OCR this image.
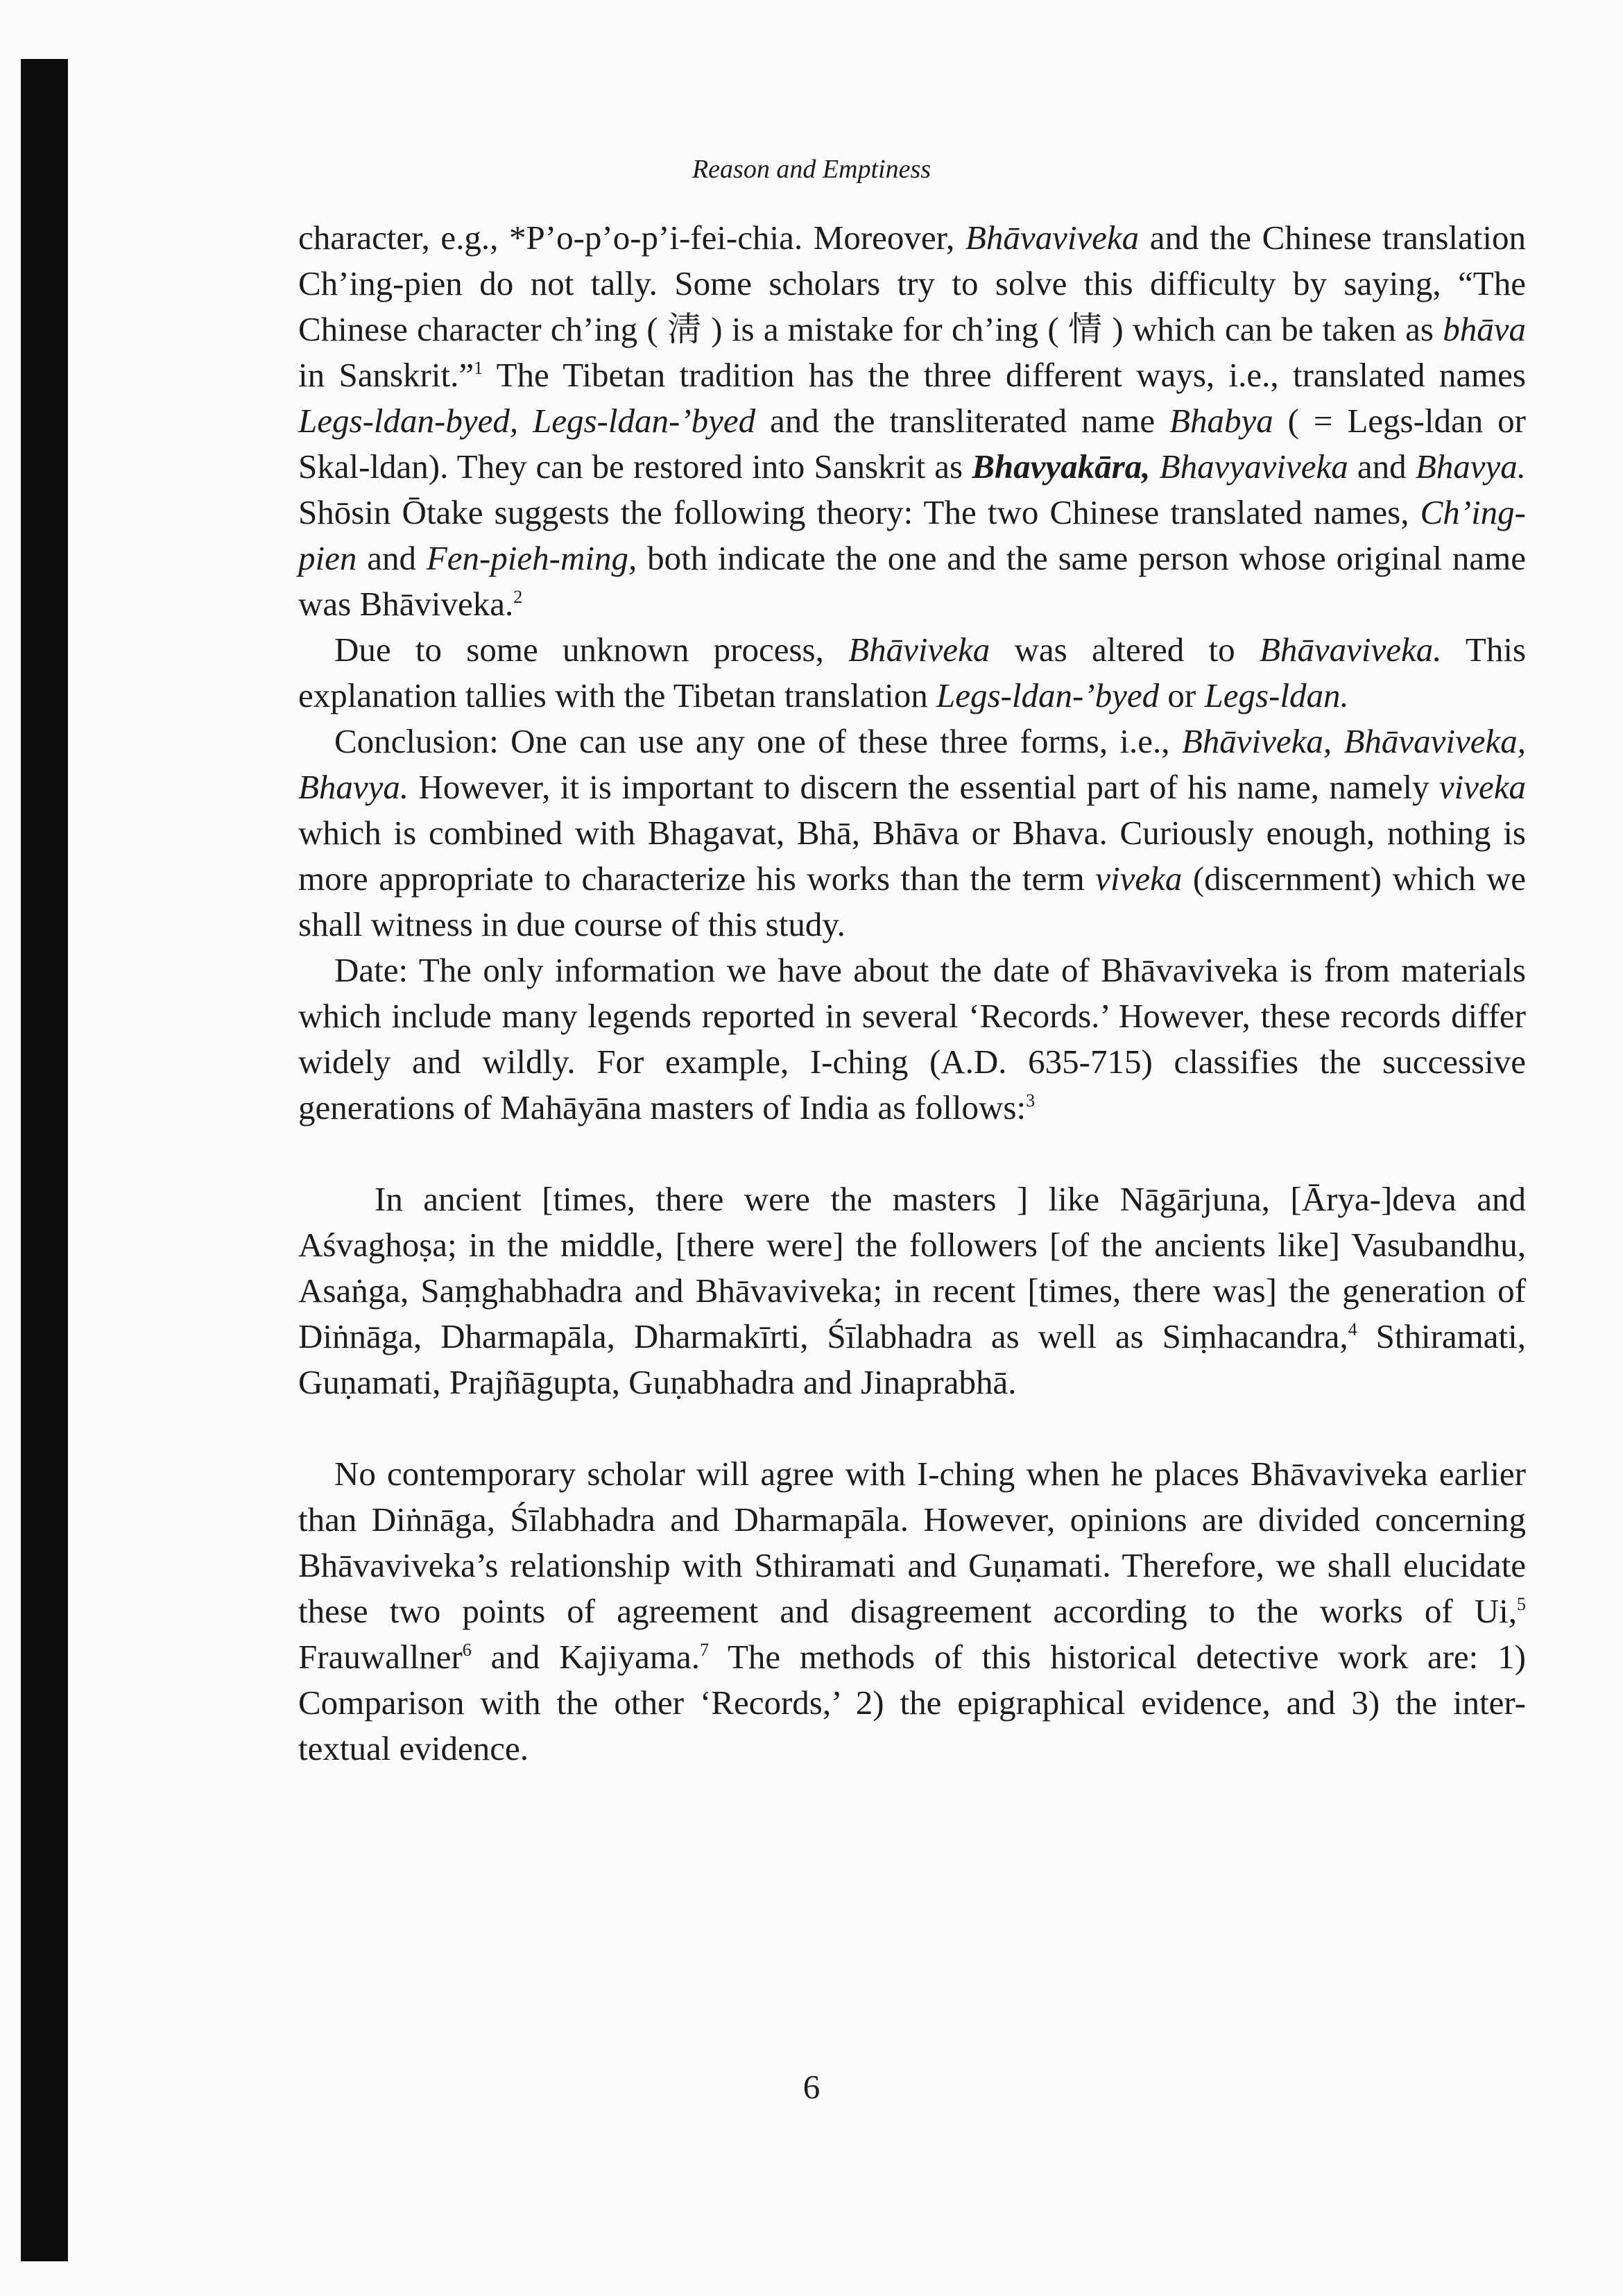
Reason and Emptiness

character, e.g., *P’o-p’o-p’i-fei-chia. Moreover, Bhāvaviveka and the Chinese translation Ch’ing-pien do not tally. Some scholars try to solve this difficulty by saying, “The Chinese character ch’ing ( 淸 ) is a mistake for ch’ing ( 情 ) which can be taken as bhāva in Sanskrit.”$^1$ The Tibetan tradition has the three different ways, i.e., translated names Legs-ldan-byed, Legs-ldan-’byed and the transliterated name Bhabya ( = Legs-ldan or Skal-ldan). They can be restored into Sanskrit as Bhavyakāra, Bhavyaviveka and Bhavya. Shōsin Ōtake suggests the following theory: The two Chinese translated names, Ch’ing-pien and Fen-pieh-ming, both indicate the one and the same person whose original name was Bhāviveka.$^2$

Due to some unknown process, Bhāviveka was altered to Bhāvaviveka. This explanation tallies with the Tibetan translation Legs-ldan-’byed or Legs-ldan.

Conclusion: One can use any one of these three forms, i.e., Bhāviveka, Bhāvaviveka, Bhavya. However, it is important to discern the essential part of his name, namely viveka which is combined with Bhagavat, Bhā, Bhāva or Bhava. Curiously enough, nothing is more appropriate to characterize his works than the term viveka (discernment) which we shall witness in due course of this study.

Date: The only information we have about the date of Bhāvaviveka is from materials which include many legends reported in several ‘Records.’ However, these records differ widely and wildly. For example, I-ching (A.D. 635-715) classifies the successive generations of Mahāyāna masters of India as follows:$^3$

In ancient [times, there were the masters ] like Nāgārjuna, [Ārya-]deva and Aśvaghoṣa; in the middle, [there were] the followers [of the ancients like] Vasubandhu, Asaṅga, Saṃghabhadra and Bhāvaviveka; in recent [times, there was] the generation of Diṅnāga, Dharmapāla, Dharmakīrti, Śīlabhadra as well as Siṃhacandra,$^4$ Sthiramati, Guṇamati, Prajñāgupta, Guṇabhadra and Jinaprabhā.

No contemporary scholar will agree with I-ching when he places Bhāvaviveka earlier than Diṅnāga, Śīlabhadra and Dharmapāla. However, opinions are divided concerning Bhāvaviveka’s relationship with Sthiramati and Guṇamati. Therefore, we shall elucidate these two points of agreement and disagreement according to the works of Ui,$^5$ Frauwallner$^6$ and Kajiyama.$^7$ The methods of this historical detective work are: 1) Comparison with the other ‘Records,’ 2) the epigraphical evidence, and 3) the inter-textual evidence.

6
